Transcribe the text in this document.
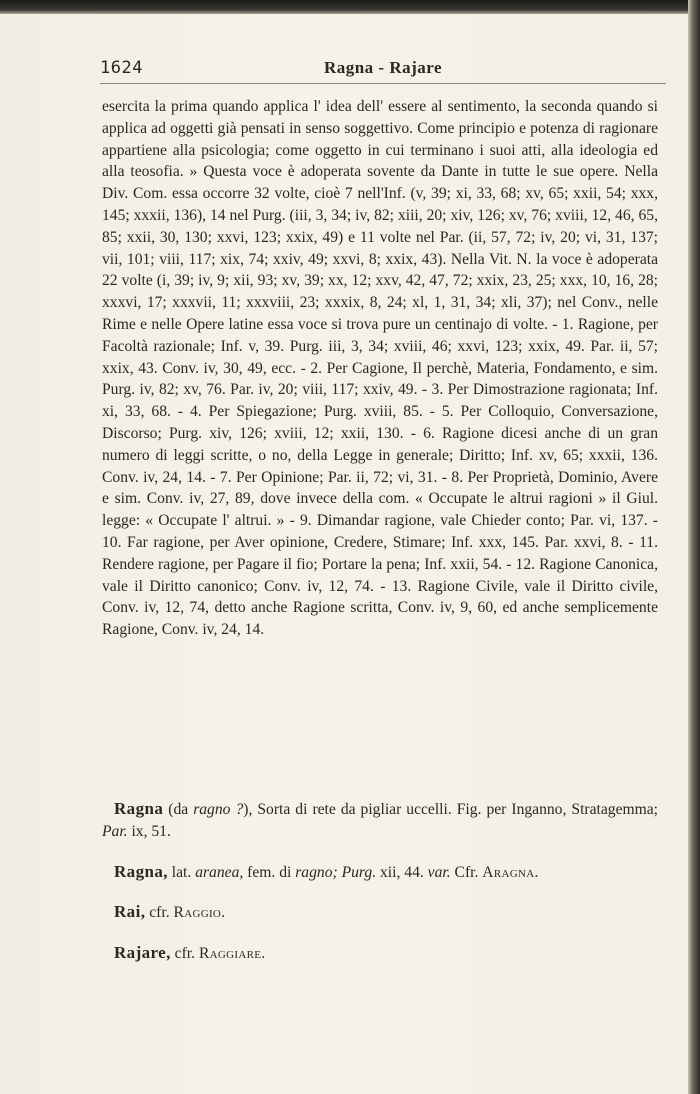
1624	Ragna - Rajare
esercita la prima quando applica l' idea dell' essere al sentimento, la seconda quando si applica ad oggetti già pensati in senso soggettivo. Come principio e potenza di ragionare appartiene alla psicologia; come oggetto in cui terminano i suoi atti, alla ideologia ed alla teosofia. » Questa voce è adoperata sovente da Dante in tutte le sue opere. Nella Div. Com. essa occorre 32 volte, cioè 7 nell'Inf. (v, 39; xi, 33, 68; xv, 65; xxii, 54; xxx, 145; xxxii, 136), 14 nel Purg. (iii, 3, 34; iv, 82; xiii, 20; xiv, 126; xv, 76; xviii, 12, 46, 65, 85; xxii, 30, 130; xxvi, 123; xxix, 49) e 11 volte nel Par. (ii, 57, 72; iv, 20; vi, 31, 137; vii, 101; viii, 117; xix, 74; xxiv, 49; xxvi, 8; xxix, 43). Nella Vit. N. la voce è adoperata 22 volte (i, 39; iv, 9; xii, 93; xv, 39; xx, 12; xxv, 42, 47, 72; xxix, 23, 25; xxx, 10, 16, 28; xxxvi, 17; xxxvii, 11; xxxviii, 23; xxxix, 8, 24; xl, 1, 31, 34; xli, 37); nel Conv., nelle Rime e nelle Opere latine essa voce si trova pure un centinajo di volte. - 1. Ragione, per Facoltà razionale; Inf. v, 39. Purg. iii, 3, 34; xviii, 46; xxvi, 123; xxix, 49. Par. ii, 57; xxix, 43. Conv. iv, 30, 49, ecc. - 2. Per Cagione, Il perchè, Materia, Fondamento, e sim. Purg. iv, 82; xv, 76. Par. iv, 20; viii, 117; xxiv, 49. - 3. Per Dimostrazione ragionata; Inf. xi, 33, 68. - 4. Per Spiegazione; Purg. xviii, 85. - 5. Per Colloquio, Conversazione, Discorso; Purg. xiv, 126; xviii, 12; xxii, 130. - 6. Ragione dicesi anche di un gran numero di leggi scritte, o no, della Legge in generale; Diritto; Inf. xv, 65; xxxii, 136. Conv. iv, 24, 14. - 7. Per Opinione; Par. ii, 72; vi, 31. - 8. Per Proprietà, Dominio, Avere e sim. Conv. iv, 27, 89, dove invece della com. « Occupate le altrui ragioni » il Giul. legge: « Occupate l' altrui. » - 9. Dimandar ragione, vale Chieder conto; Par. vi, 137. - 10. Far ragione, per Aver opinione, Credere, Stimare; Inf. xxx, 145. Par. xxvi, 8. - 11. Rendere ragione, per Pagare il fio; Portare la pena; Inf. xxii, 54. - 12. Ragione Canonica, vale il Diritto canonico; Conv. iv, 12, 74. - 13. Ragione Civile, vale il Diritto civile, Conv. iv, 12, 74, detto anche Ragione scritta, Conv. iv, 9, 60, ed anche semplicemente Ragione, Conv. iv, 24, 14.

Ragna (da ragno ?), Sorta di rete da pigliar uccelli. Fig. per Inganno, Stratagemma; Par. ix, 51.

Ragna, lat. aranea, fem. di ragno; Purg. xii, 44. var. Cfr. Aragna.

Rai, cfr. Raggio.

Rajare, cfr. Raggiare.
